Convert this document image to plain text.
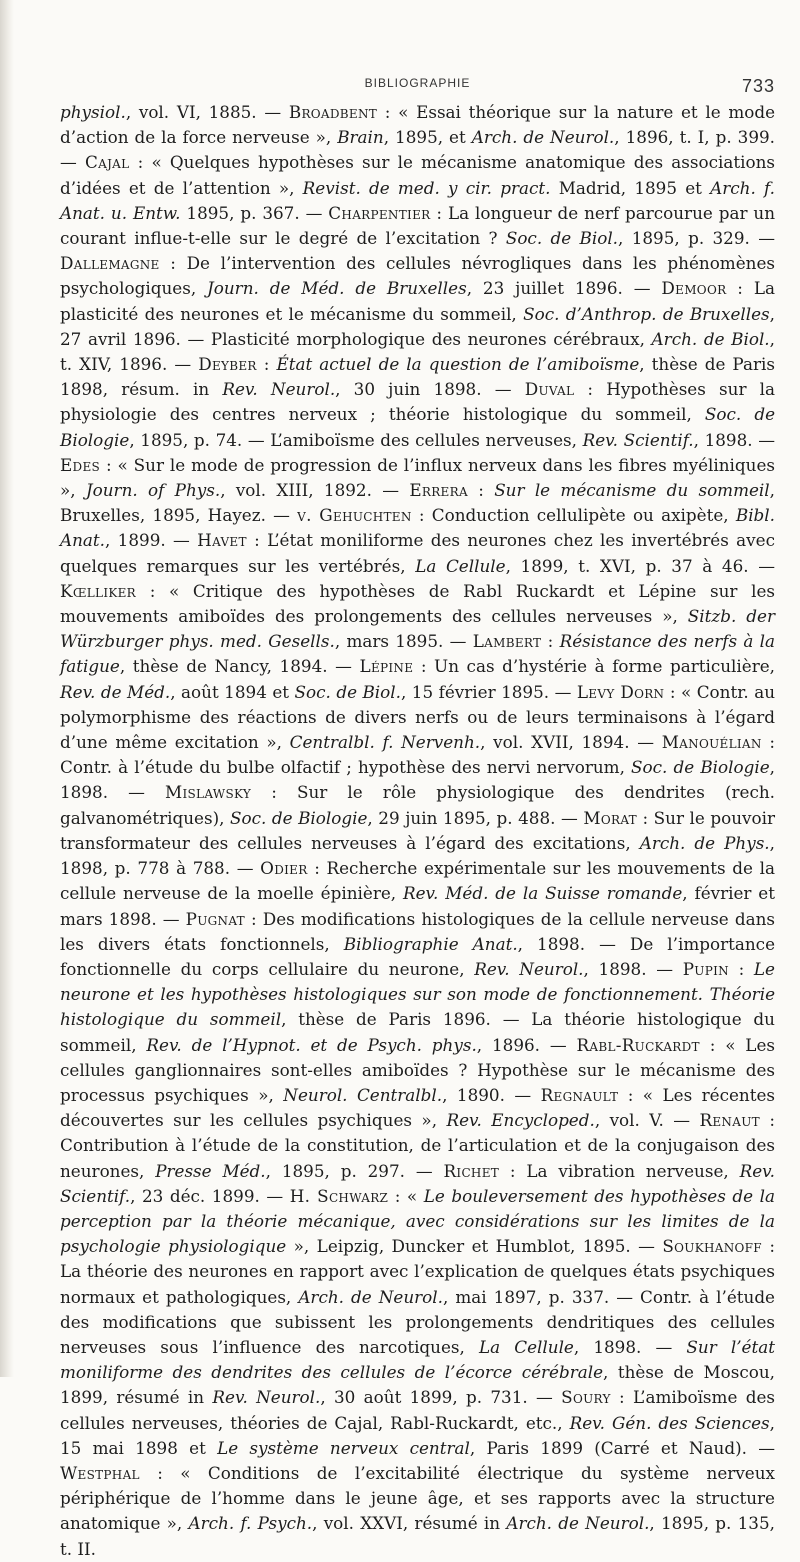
BIBLIOGRAPHIE	733

physiol., vol. VI, 1885. — Broadbent : « Essai théorique sur la nature et le mode d’action de la force nerveuse », Brain, 1895, et Arch. de Neurol., 1896, t. I, p. 399. — Cajal : « Quelques hypothèses sur le mécanisme anatomique des associations d’idées et de l’attention », Revist. de med. y cir. pract. Madrid, 1895 et Arch. f. Anat. u. Entw. 1895, p. 367. — Charpentier : La longueur de nerf parcourue par un courant influe-t-elle sur le degré de l’excitation ? Soc. de Biol., 1895, p. 329. — Dallemagne : De l’intervention des cellules névrogliques dans les phénomènes psychologiques, Journ. de Méd. de Bruxelles, 23 juillet 1896. — Demoor : La plasticité des neurones et le mécanisme du sommeil, Soc. d’Anthrop. de Bruxelles, 27 avril 1896. — Plasticité morphologique des neurones cérébraux, Arch. de Biol., t. XIV, 1896. — Deyber : État actuel de la question de l’amiboïsme, thèse de Paris 1898, résum. in Rev. Neurol., 30 juin 1898. — Duval : Hypothèses sur la physiologie des centres nerveux ; théorie histologique du sommeil, Soc. de Biologie, 1895, p. 74. — L’amiboïsme des cellules nerveuses, Rev. Scientif., 1898. — Edes : « Sur le mode de progression de l’influx nerveux dans les fibres myéliniques », Journ. of Phys., vol. XIII, 1892. — Errera : Sur le mécanisme du sommeil, Bruxelles, 1895, Hayez. — v. Gehuchten : Conduction cellulipète ou axipète, Bibl. Anat., 1899. — Havet : L’état moniliforme des neurones chez les invertébrés avec quelques remarques sur les vertébrés, La Cellule, 1899, t. XVI, p. 37 à 46. — Kœlliker : « Critique des hypothèses de Rabl Ruckardt et Lépine sur les mouvements amiboïdes des prolongements des cellules nerveuses », Sitzb. der Würzburger phys. med. Gesells., mars 1895. — Lambert : Résistance des nerfs à la fatigue, thèse de Nancy, 1894. — Lépine : Un cas d’hystérie à forme particulière, Rev. de Méd., août 1894 et Soc. de Biol., 15 février 1895. — Levy Dorn : « Contr. au polymorphisme des réactions de divers nerfs ou de leurs terminaisons à l’égard d’une même excitation », Centralbl. f. Nervenh., vol. XVII, 1894. — Manouélian : Contr. à l’étude du bulbe olfactif ; hypothèse des nervi nervorum, Soc. de Biologie, 1898. — Mislawsky : Sur le rôle physiologique des dendrites (rech. galvanométriques), Soc. de Biologie, 29 juin 1895, p. 488. — Morat : Sur le pouvoir transformateur des cellules nerveuses à l’égard des excitations, Arch. de Phys., 1898, p. 778 à 788. — Odier : Recherche expérimentale sur les mouvements de la cellule nerveuse de la moelle épinière, Rev. Méd. de la Suisse romande, février et mars 1898. — Pugnat : Des modifications histologiques de la cellule nerveuse dans les divers états fonctionnels, Bibliographie Anat., 1898. — De l’importance fonctionnelle du corps cellulaire du neurone, Rev. Neurol., 1898. — Pupin : Le neurone et les hypothèses histologiques sur son mode de fonctionnement. Théorie histologique du sommeil, thèse de Paris 1896. — La théorie histologique du sommeil, Rev. de l’Hypnot. et de Psych. phys., 1896. — Rabl-Ruckardt : « Les cellules ganglionnaires sont-elles amiboïdes ? Hypothèse sur le mécanisme des processus psychiques », Neurol. Centralbl., 1890. — Regnault : « Les récentes découvertes sur les cellules psychiques », Rev. Encycloped., vol. V. — Renaut : Contribution à l’étude de la constitution, de l’articulation et de la conjugaison des neurones, Presse Méd., 1895, p. 297. — Richet : La vibration nerveuse, Rev. Scientif., 23 déc. 1899. — H. Schwarz : « Le bouleversement des hypothèses de la perception par la théorie mécanique, avec considérations sur les limites de la psychologie physiologique », Leipzig, Duncker et Humblot, 1895. — Soukhanoff : La théorie des neurones en rapport avec l’explication de quelques états psychiques normaux et pathologiques, Arch. de Neurol., mai 1897, p. 337. — Contr. à l’étude des modifications que subissent les prolongements dendritiques des cellules nerveuses sous l’influence des narcotiques, La Cellule, 1898. — Sur l’état moniliforme des dendrites des cellules de l’écorce cérébrale, thèse de Moscou, 1899, résumé in Rev. Neurol., 30 août 1899, p. 731. — Soury : L’amiboïsme des cellules nerveuses, théories de Cajal, Rabl-Ruckardt, etc., Rev. Gén. des Sciences, 15 mai 1898 et Le système nerveux central, Paris 1899 (Carré et Naud). — Westphal : « Conditions de l’excitabilité électrique du système nerveux périphérique de l’homme dans le jeune âge, et ses rapports avec la structure anatomique », Arch. f. Psych., vol. XXVI, résumé in Arch. de Neurol., 1895, p. 135, t. II.
